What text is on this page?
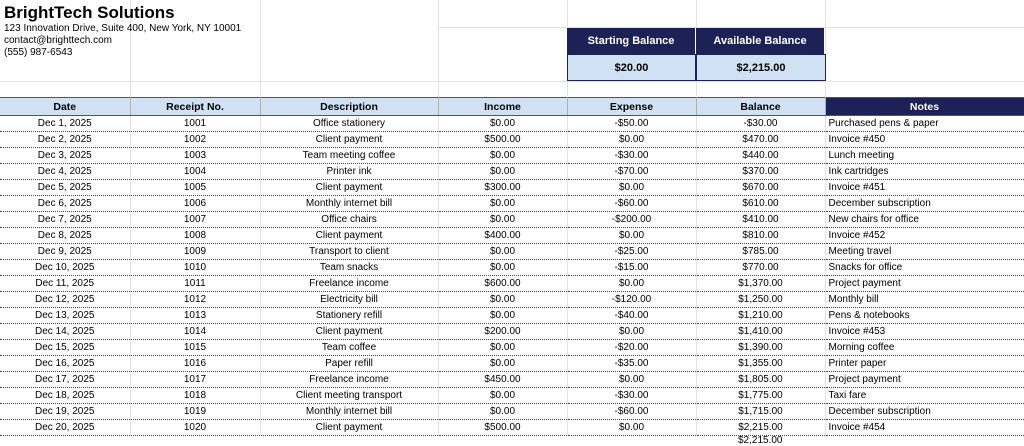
BrightTech Solutions
123 Innovation Drive, Suite 400, New York, NY 10001
contact@brighttech.com
(555) 987-6543
Starting Balance	Available Balance
$20.00	$2,215.00
Date	Receipt No.	Description	Income	Expense	Balance	Notes
Dec 1, 2025	1001	Office stationery	$0.00	-$50.00	-$30.00	Purchased pens & paper
Dec 2, 2025	1002	Client payment	$500.00	$0.00	$470.00	Invoice #450
Dec 3, 2025	1003	Team meeting coffee	$0.00	-$30.00	$440.00	Lunch meeting
Dec 4, 2025	1004	Printer ink	$0.00	-$70.00	$370.00	Ink cartridges
Dec 5, 2025	1005	Client payment	$300.00	$0.00	$670.00	Invoice #451
Dec 6, 2025	1006	Monthly internet bill	$0.00	-$60.00	$610.00	December subscription
Dec 7, 2025	1007	Office chairs	$0.00	-$200.00	$410.00	New chairs for office
Dec 8, 2025	1008	Client payment	$400.00	$0.00	$810.00	Invoice #452
Dec 9, 2025	1009	Transport to client	$0.00	-$25.00	$785.00	Meeting travel
Dec 10, 2025	1010	Team snacks	$0.00	-$15.00	$770.00	Snacks for office
Dec 11, 2025	1011	Freelance income	$600.00	$0.00	$1,370.00	Project payment
Dec 12, 2025	1012	Electricity bill	$0.00	-$120.00	$1,250.00	Monthly bill
Dec 13, 2025	1013	Stationery refill	$0.00	-$40.00	$1,210.00	Pens & notebooks
Dec 14, 2025	1014	Client payment	$200.00	$0.00	$1,410.00	Invoice #453
Dec 15, 2025	1015	Team coffee	$0.00	-$20.00	$1,390.00	Morning coffee
Dec 16, 2025	1016	Paper refill	$0.00	-$35.00	$1,355.00	Printer paper
Dec 17, 2025	1017	Freelance income	$450.00	$0.00	$1,805.00	Project payment
Dec 18, 2025	1018	Client meeting transport	$0.00	-$30.00	$1,775.00	Taxi fare
Dec 19, 2025	1019	Monthly internet bill	$0.00	-$60.00	$1,715.00	December subscription
Dec 20, 2025	1020	Client payment	$500.00	$0.00	$2,215.00	Invoice #454
$2,215.00
